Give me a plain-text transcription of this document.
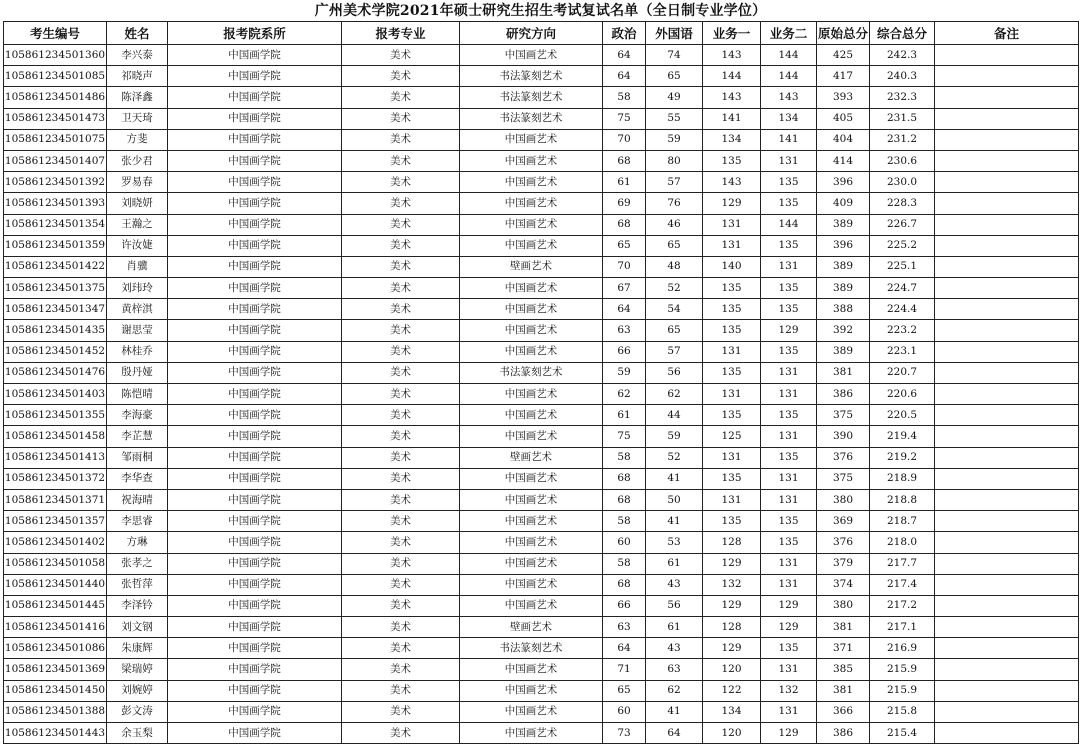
广州美术学院2021年硕士研究生招生考试复试名单（全日制专业学位）
考生编号	姓名	报考院系所	报考专业	研究方向	政治	外国语	业务一	业务二	原始总分	综合总分	备注
105861234501360	李兴泰	中国画学院	美术	中国画艺术	64	74	143	144	425	242.3	
105861234501085	祁晓声	中国画学院	美术	书法篆刻艺术	64	65	144	144	417	240.3	
105861234501486	陈泽鑫	中国画学院	美术	书法篆刻艺术	58	49	143	143	393	232.3	
105861234501473	卫天琦	中国画学院	美术	书法篆刻艺术	75	55	141	134	405	231.5	
105861234501075	方斐	中国画学院	美术	中国画艺术	70	59	134	141	404	231.2	
105861234501407	张少君	中国画学院	美术	中国画艺术	68	80	135	131	414	230.6	
105861234501392	罗易春	中国画学院	美术	中国画艺术	61	57	143	135	396	230.0	
105861234501393	刘晓妍	中国画学院	美术	中国画艺术	69	76	129	135	409	228.3	
105861234501354	王瀚之	中国画学院	美术	中国画艺术	68	46	131	144	389	226.7	
105861234501359	许汝婕	中国画学院	美术	中国画艺术	65	65	131	135	396	225.2	
105861234501422	肖骥	中国画学院	美术	壁画艺术	70	48	140	131	389	225.1	
105861234501375	刘玮玲	中国画学院	美术	中国画艺术	67	52	135	135	389	224.7	
105861234501347	黄梓淇	中国画学院	美术	中国画艺术	64	54	135	135	388	224.4	
105861234501435	谢思莹	中国画学院	美术	中国画艺术	63	65	135	129	392	223.2	
105861234501452	林桂乔	中国画学院	美术	中国画艺术	66	57	131	135	389	223.1	
105861234501476	殷丹娅	中国画学院	美术	书法篆刻艺术	59	56	135	131	381	220.7	
105861234501403	陈恺晴	中国画学院	美术	中国画艺术	62	62	131	131	386	220.6	
105861234501355	李海豪	中国画学院	美术	中国画艺术	61	44	135	135	375	220.5	
105861234501458	李芷慧	中国画学院	美术	中国画艺术	75	59	125	131	390	219.4	
105861234501413	邹雨桐	中国画学院	美术	壁画艺术	58	52	131	135	376	219.2	
105861234501372	李华查	中国画学院	美术	中国画艺术	68	41	135	131	375	218.9	
105861234501371	祝海晴	中国画学院	美术	中国画艺术	68	50	131	131	380	218.8	
105861234501357	李思睿	中国画学院	美术	中国画艺术	58	41	135	135	369	218.7	
105861234501402	方琳	中国画学院	美术	中国画艺术	60	53	128	135	376	218.0	
105861234501058	张孝之	中国画学院	美术	中国画艺术	58	61	129	131	379	217.7	
105861234501440	张哲萍	中国画学院	美术	中国画艺术	68	43	132	131	374	217.4	
105861234501445	李泽钤	中国画学院	美术	中国画艺术	66	56	129	129	380	217.2	
105861234501416	刘文钢	中国画学院	美术	壁画艺术	63	61	128	129	381	217.1	
105861234501086	朱康辉	中国画学院	美术	书法篆刻艺术	64	43	129	135	371	216.9	
105861234501369	梁瑞婷	中国画学院	美术	中国画艺术	71	63	120	131	385	215.9	
105861234501450	刘婉婷	中国画学院	美术	中国画艺术	65	62	122	132	381	215.9	
105861234501388	彭文涛	中国画学院	美术	中国画艺术	60	41	134	131	366	215.8	
105861234501443	余玉梨	中国画学院	美术	中国画艺术	73	64	120	129	386	215.4	
